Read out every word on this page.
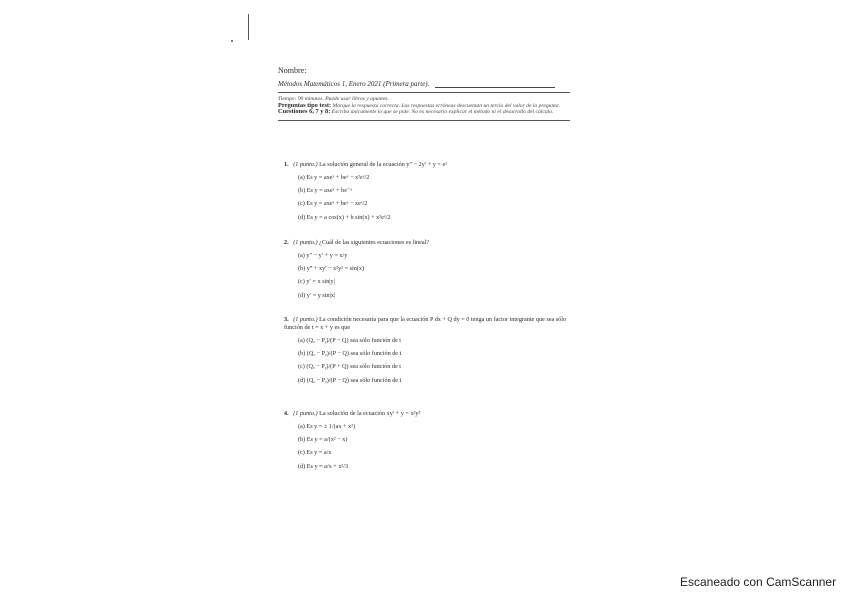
Nombre:
Métodos Matemáticos 1, Enero 2021 (Primera parte).
Tiempo: 90 minutos. Puede usar libros y apuntes.
Preguntas tipo test: Marque la respuesta correcta. Las respuestas erróneas descuentan un tercio del valor de la pregunta.
Cuestiones 6, 7 y 8: Escriba únicamente lo que se pide. No es necesario explicar el método ni el desarrollo del cálculo.
1. (1 punto.) La solución general de la ecuación y″ − 2y′ + y = eˣ
(a) Es y = axeˣ + beˣ − x²eˣ/2
(b) Es y = axeˣ + be⁻ˣ
(c) Es y = axeˣ + beˣ − xeˣ/2
(d) Es y = a cos(x) + b sin(x) + x²eˣ/2
2. (1 punto.) ¿Cuál de las siguientes ecuaciones es lineal?
(a) y″ − y′ + y = x/y
(b) y‴ + xy′ − x²y² = sin(x)
(c) y′ = x sin|y|
(d) y′ = y sin|x|
3. (1 punto.) La condición necesaria para que la ecuación P dx + Q dy = 0 tenga un factor integrante que sea sólo función de t = x + y es que
(a) (Qₓ − Pᵧ)/(P − Q) sea sólo función de t
(b) (Qₓ − Pᵧ)/(P − Q) sea sólo función de t
(c) (Qₓ − Pᵧ)/(P + Q) sea sólo función de t
(d) (Qₓ − Pᵧ)/(P − Q) sea sólo función de t
4. (1 punto.) La solución de la ecuación xy′ + y = x²y²
(a) Es y = ± 1/(ax + x²)
(b) Es y = a/(x² − x)
(c) Es y = a/x
(d) Es y = a/x + x²/3
Escaneado con CamScanner
